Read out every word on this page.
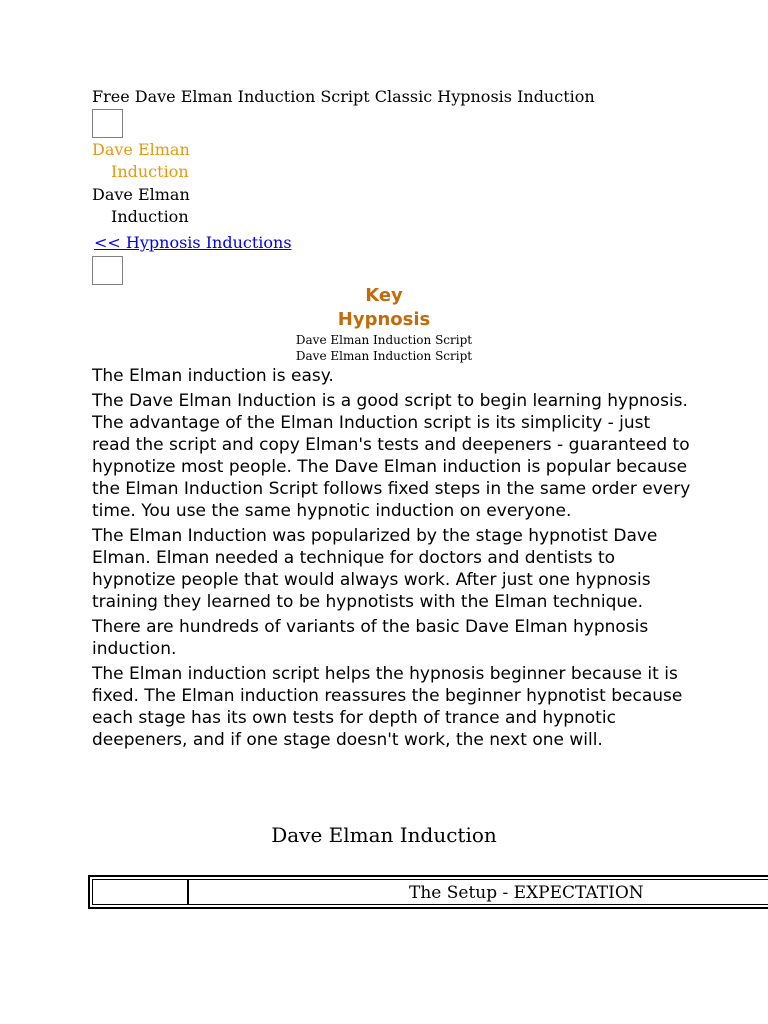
Free Dave Elman Induction Script Classic Hypnosis Induction
Dave Elman
Induction
Dave Elman
Induction
<< Hypnosis Inductions
Key
Hypnosis
Dave Elman Induction Script
Dave Elman Induction Script

The Elman induction is easy.

The Dave Elman Induction is a good script to begin learning hypnosis. The advantage of the Elman Induction script is its simplicity - just read the script and copy Elman's tests and deepeners - guaranteed to hypnotize most people. The Dave Elman induction is popular because the Elman Induction Script follows fixed steps in the same order every time. You use the same hypnotic induction on everyone.

The Elman Induction was popularized by the stage hypnotist Dave Elman. Elman needed a technique for doctors and dentists to hypnotize people that would always work. After just one hypnosis training they learned to be hypnotists with the Elman technique.

There are hundreds of variants of the basic Dave Elman hypnosis induction.

The Elman induction script helps the hypnosis beginner because it is fixed. The Elman induction reassures the beginner hypnotist because each stage has its own tests for depth of trance and hypnotic deepeners, and if one stage doesn't work, the next one will.

Dave Elman Induction
The Setup - EXPECTATION
